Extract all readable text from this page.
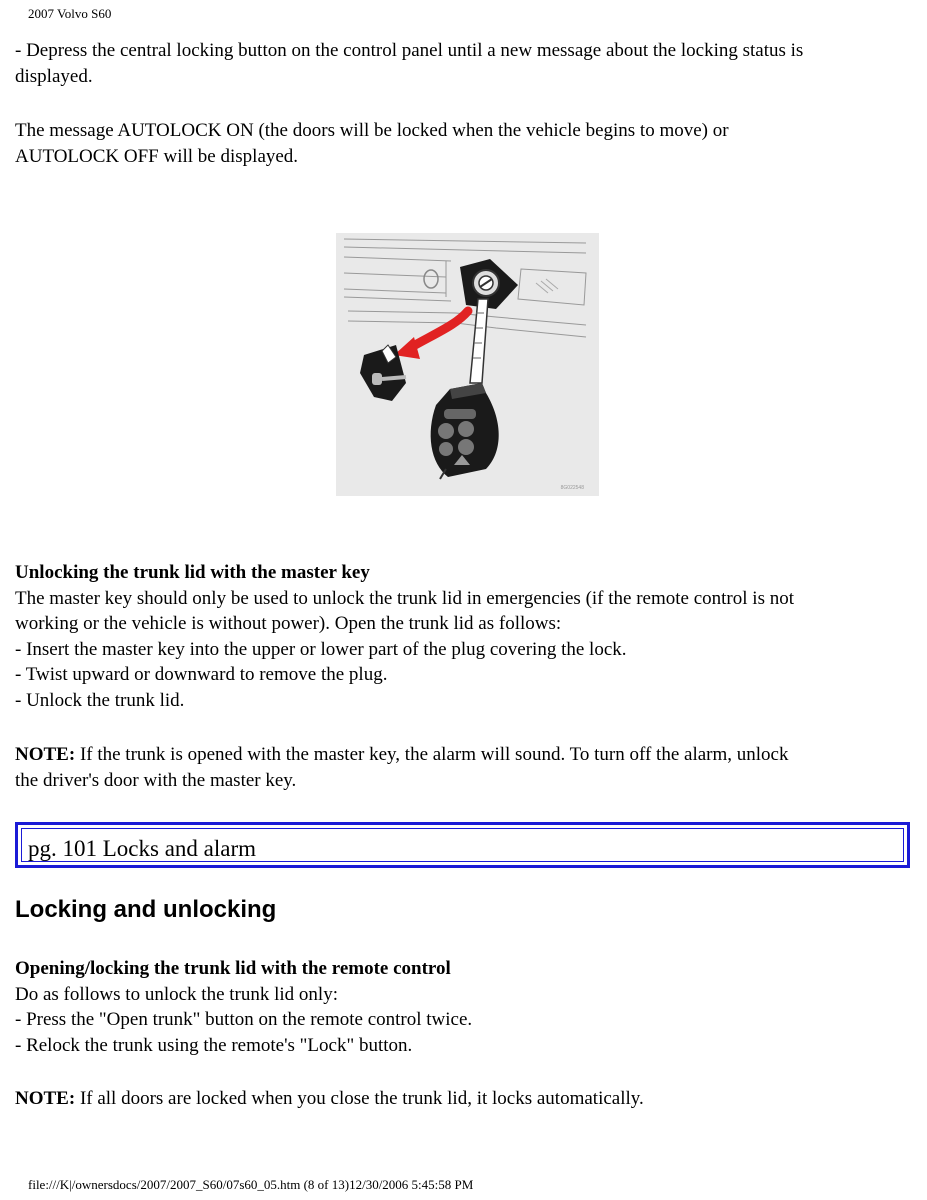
2007 Volvo S60
- Depress the central locking button on the control panel until a new message about the locking status is
displayed.
The message AUTOLOCK ON (the doors will be locked when the vehicle begins to move) or
AUTOLOCK OFF will be displayed.
8G022548
Unlocking the trunk lid with the master key
The master key should only be used to unlock the trunk lid in emergencies (if the remote control is not
working or the vehicle is without power). Open the trunk lid as follows:
- Insert the master key into the upper or lower part of the plug covering the lock.
- Twist upward or downward to remove the plug.
- Unlock the trunk lid.
NOTE: If the trunk is opened with the master key, the alarm will sound. To turn off the alarm, unlock
the driver's door with the master key.
pg. 101 Locks and alarm
Locking and unlocking
Opening/locking the trunk lid with the remote control
Do as follows to unlock the trunk lid only:
- Press the "Open trunk" button on the remote control twice.
- Relock the trunk using the remote's "Lock" button.
NOTE: If all doors are locked when you close the trunk lid, it locks automatically.
file:///K|/ownersdocs/2007/2007_S60/07s60_05.htm (8 of 13)12/30/2006 5:45:58 PM
